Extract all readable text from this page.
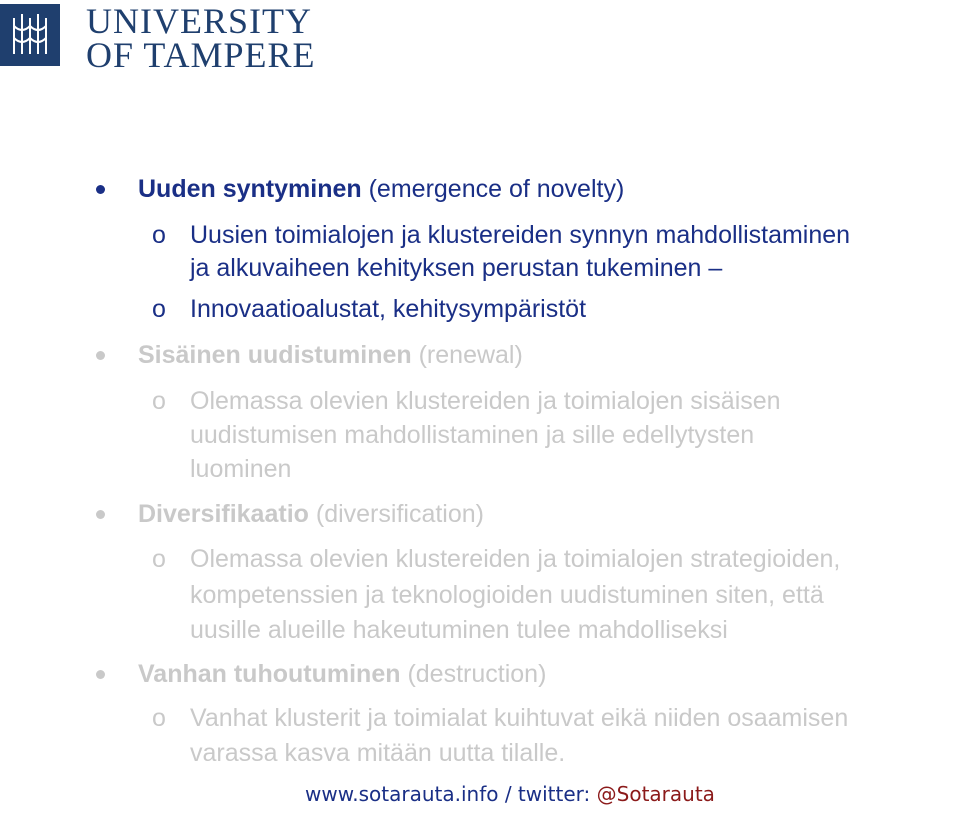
UNIVERSITY
OF TAMPERE
Uuden syntyminen (emergence of novelty)
o Uusien toimialojen ja klustereiden synnyn mahdollistaminen
ja alkuvaiheen kehityksen perustan tukeminen –
o Innovaatioalustat, kehitysympäristöt
Sisäinen uudistuminen (renewal)
o Olemassa olevien klustereiden ja toimialojen sisäisen
uudistumisen mahdollistaminen ja sille edellytysten
luominen
Diversifikaatio (diversification)
o Olemassa olevien klustereiden ja toimialojen strategioiden,
kompetenssien ja teknologioiden uudistuminen siten, että
uusille alueille hakeutuminen tulee mahdolliseksi
Vanhan tuhoutuminen (destruction)
o Vanhat klusterit ja toimialat kuihtuvat eikä niiden osaamisen
varassa kasva mitään uutta tilalle.
www.sotarauta.info / twitter: @Sotarauta
